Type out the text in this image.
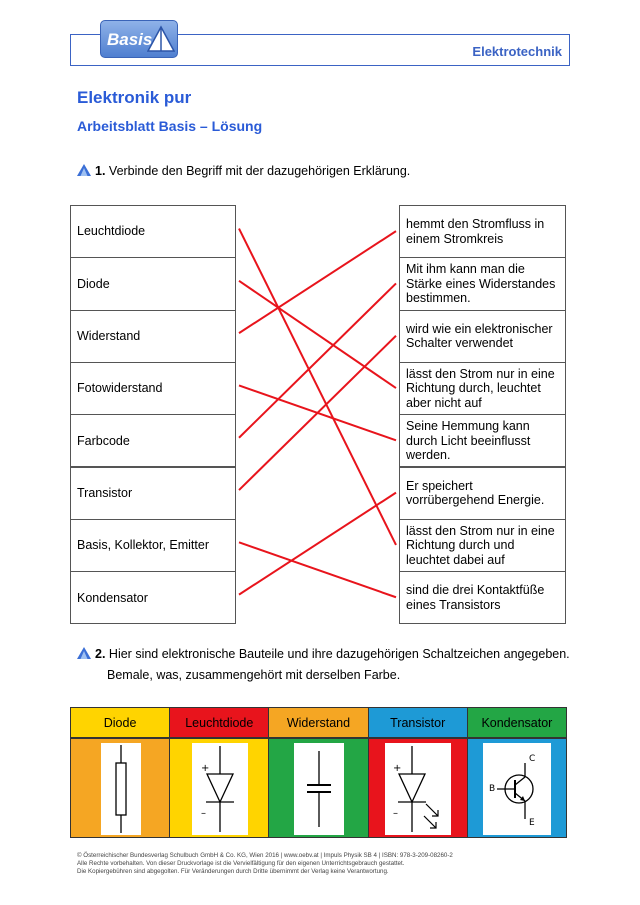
Basis
Elektrotechnik
Elektronik pur
Arbeitsblatt Basis – Lösung
1. Verbinde den Begriff mit der dazugehörigen Erklärung.
Leuchtdiode
Diode
Widerstand
Fotowiderstand
Farbcode
Transistor
Basis, Kollektor, Emitter
Kondensator
hemmt den Stromfluss in einem Stromkreis
Mit ihm kann man die Stärke eines Widerstandes bestimmen.
wird wie ein elektronischer Schalter verwendet
lässt den Strom nur in eine Richtung durch, leuchtet aber nicht auf
Seine Hemmung kann durch Licht beeinflusst werden.
Er speichert vorrübergehend Energie.
lässt den Strom nur in eine Richtung durch und leuchtet dabei auf
sind die drei Kontaktfüße eines Transistors
2. Hier sind elektronische Bauteile und ihre dazugehörigen Schaltzeichen angegeben.
Bemale, was, zusammengehört mit derselben Farbe.
Diode	Leuchtdiode
+
–
Widerstand	Transistor
+
–
Kondensator
C
B
E
© Österreichischer Bundesverlag Schulbuch GmbH & Co. KG, Wien 2016 | www.oebv.at | Impuls Physik SB 4 | ISBN: 978-3-209-08260-2
Alle Rechte vorbehalten. Von dieser Druckvorlage ist die Vervielfältigung für den eigenen Unterrichtsgebrauch gestattet.
Die Kopiergebühren sind abgegolten. Für Veränderungen durch Dritte übernimmt der Verlag keine Verantwortung.
